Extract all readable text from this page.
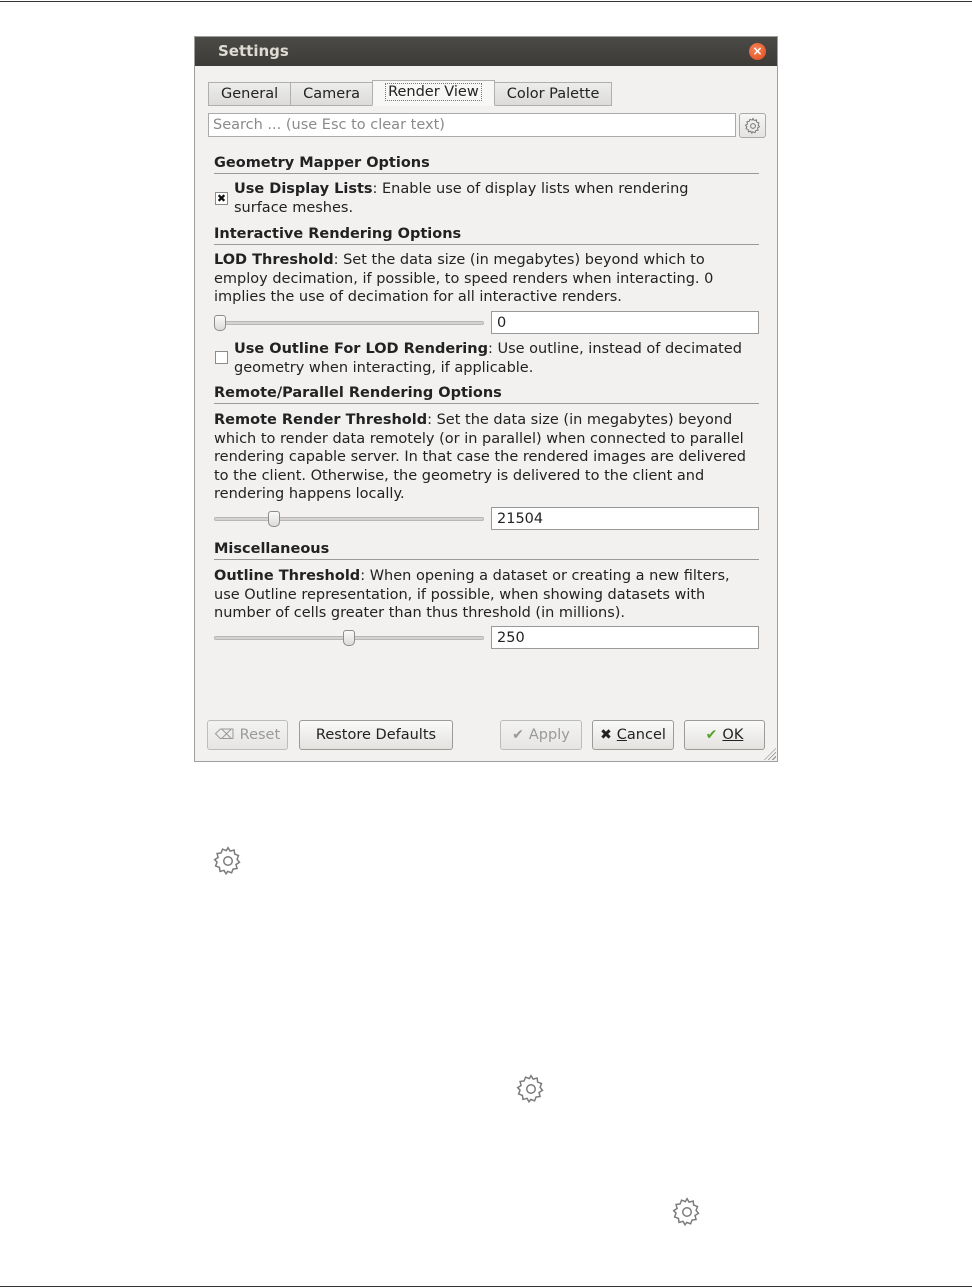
Settings	×
General	Camera	Render View	Color Palette
Search ... (use Esc to clear text)
Geometry Mapper Options
✖
Use Display Lists: Enable use of display lists when rendering surface meshes.
Interactive Rendering Options
LOD Threshold: Set the data size (in megabytes) beyond which to employ decimation, if possible, to speed renders when interacting. 0 implies the use of decimation for all interactive renders.
0
Use Outline For LOD Rendering: Use outline, instead of decimated geometry when interacting, if applicable.
Remote/Parallel Rendering Options
Remote Render Threshold: Set the data size (in megabytes) beyond which to render data remotely (or in parallel) when connected to parallel rendering capable server. In that case the rendered images are delivered to the client. Otherwise, the geometry is delivered to the client and rendering happens locally.
21504
Miscellaneous
Outline Threshold: When opening a dataset or creating a new filters, use Outline representation, if possible, when showing datasets with number of cells greater than thus threshold (in millions).
250
⌫ Reset Restore Defaults	✔ Apply ✖ Cancel	✔ OK
